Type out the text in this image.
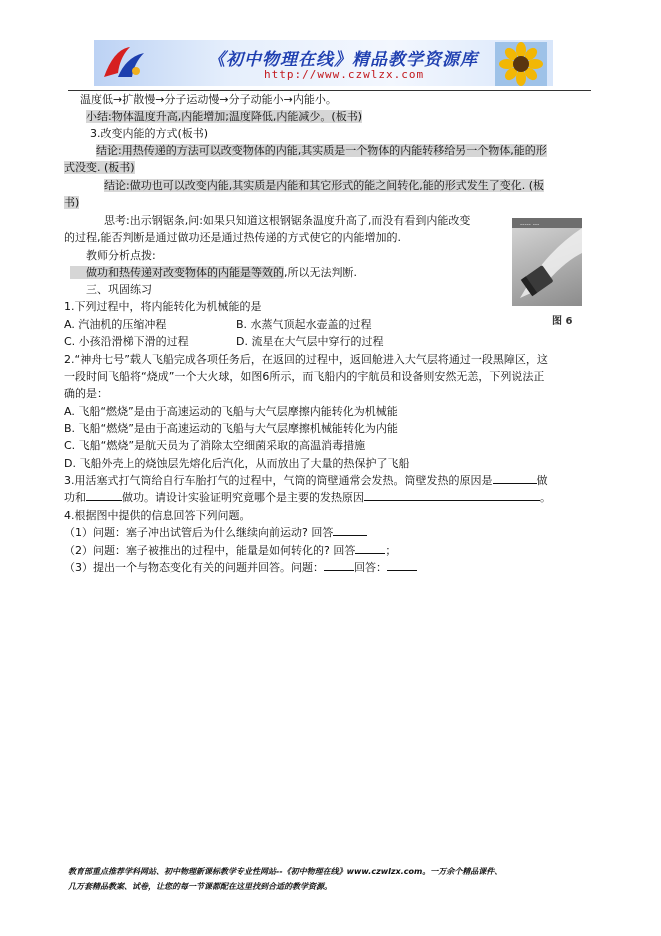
《初中物理在线》精品教学资源库
http://www.czwlzx.com
温度低→扩散慢→分子运动慢→分子动能小→内能小。
小结:物体温度升高,内能增加;温度降低,内能减少。(板书)
3.改变内能的方式(板书)
结论:用热传递的方法可以改变物体的内能,其实质是一个物体的内能转移给另一个物体,能的形
式没变. (板书)
结论:做功也可以改变内能,其实质是内能和其它形式的能之间转化,能的形式发生了变化. (板
书)
思考:出示钢锯条,问:如果只知道这根钢锯条温度升高了,而没有看到内能改变
的过程,能否判断是通过做功还是通过热传递的方式使它的内能增加的.
教师分析点拨:
做功和热传递对改变物体的内能是等效的,所以无法判断.
三、巩固练习
----- ---
图 6
1.下列过程中，将内能转化为机械能的是
A. 汽油机的压缩冲程	B. 水蒸气顶起水壶盖的过程
C. 小孩沿滑梯下滑的过程	D. 流星在大气层中穿行的过程
2.“神舟七号”载人飞船完成各项任务后，在返回的过程中，返回舱进入大气层将通过一段黑障区，这
一段时间飞船将“烧成”一个大火球，如图6所示，而飞船内的宇航员和设备则安然无恙，下列说法正
确的是：
A. 飞船“燃烧”是由于高速运动的飞船与大气层摩擦内能转化为机械能
B. 飞船“燃烧”是由于高速运动的飞船与大气层摩擦机械能转化为内能
C. 飞船“燃烧”是航天员为了消除太空细菌采取的高温消毒措施
D. 飞船外壳上的烧蚀层先熔化后汽化，从而放出了大量的热保护了飞船
3.用活塞式打气筒给自行车胎打气的过程中，气筒的筒壁通常会发热。筒壁发热的原因是	做
功和	做功。请设计实验证明究竟哪个是主要的发热原因	。
4.根据图中提供的信息回答下列问题。
（1）问题：塞子冲出试管后为什么继续向前运动? 回答
（2）问题：塞子被推出的过程中，能量是如何转化的? 回答	；
（3）提出一个与物态变化有关的问题并回答。问题：	回答：
教育部重点推荐学科网站、初中物理新课标教学专业性网站--《初中物理在线》www.czwlzx.com。一万余个精品课件、
几万套精品教案、试卷，让您的每一节课都配在这里找到合适的教学资源。
